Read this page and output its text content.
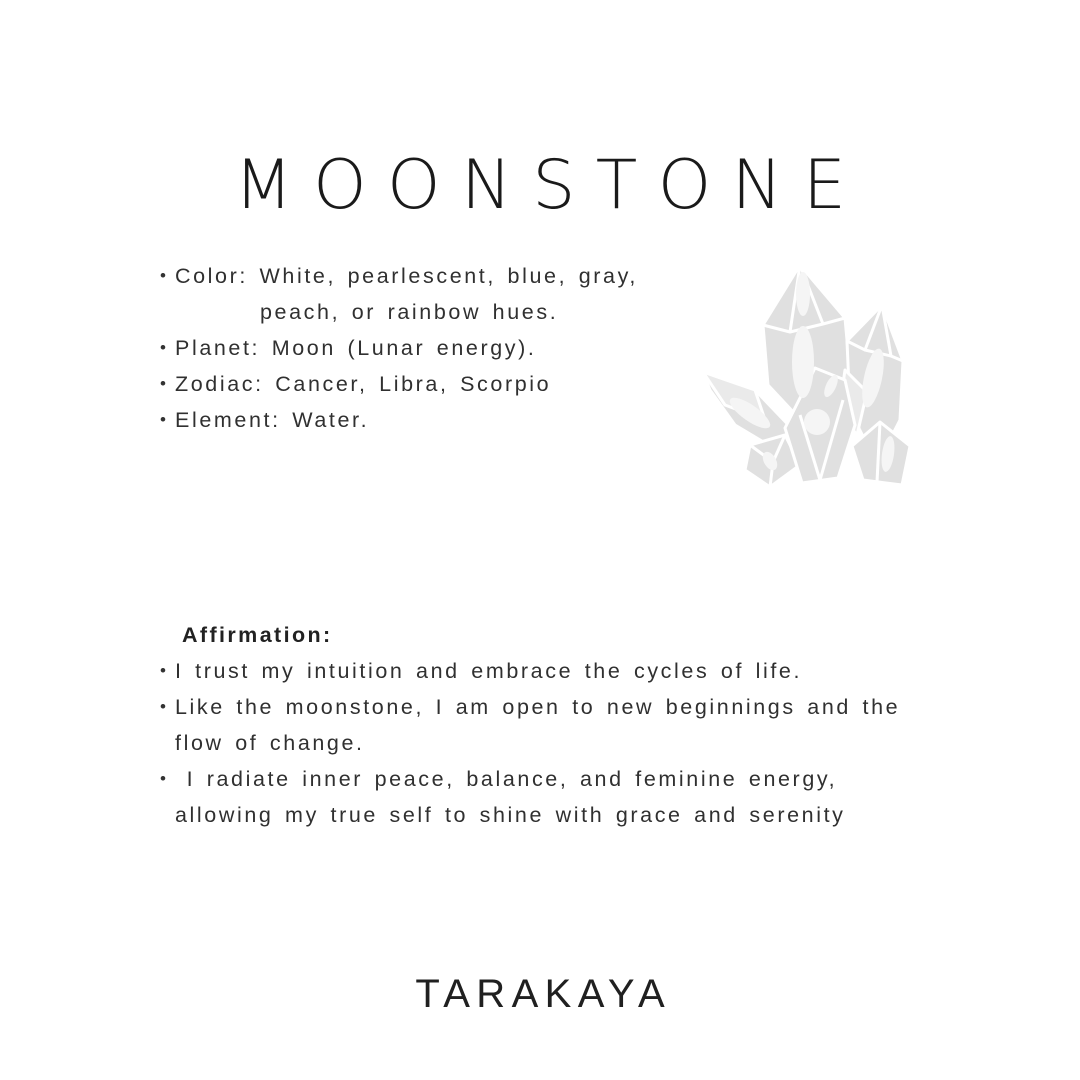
MOONSTONE
• Color: White, pearlescent, blue, gray,
peach, or rainbow hues.
• Planet: Moon (Lunar energy).
• Zodiac: Cancer, Libra, Scorpio
• Element: Water.
Affirmation:
• I trust my intuition and embrace the cycles of life.
• Like the moonstone, I am open to new beginnings and the
flow of change.
• I radiate inner peace, balance, and feminine energy,
allowing my true self to shine with grace and serenity
TARAKAYA
